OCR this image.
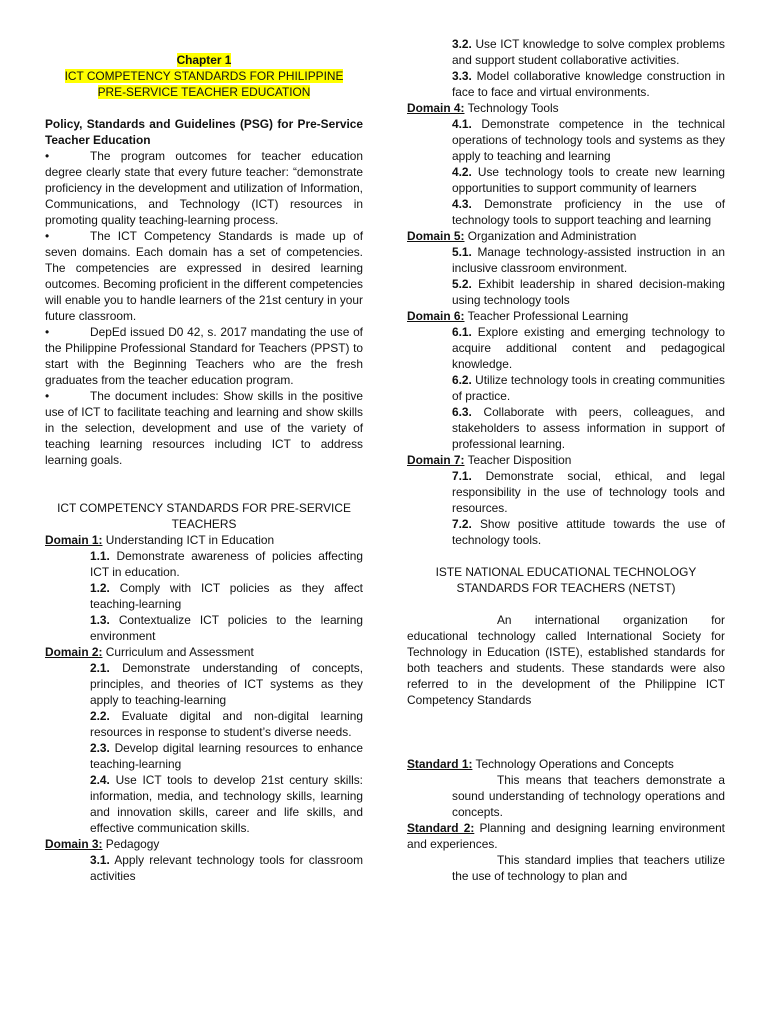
Chapter 1
ICT COMPETENCY STANDARDS FOR PHILIPPINE
PRE-SERVICE TEACHER EDUCATION
Policy, Standards and Guidelines (PSG) for Pre-Service Teacher Education
•	The program outcomes for teacher education degree clearly state that every future teacher: “demonstrate proficiency in the development and utilization of Information, Communications, and Technology (ICT) resources in promoting quality teaching-learning process.
•	The ICT Competency Standards is made up of seven domains. Each domain has a set of competencies. The competencies are expressed in desired learning outcomes. Becoming proficient in the different competencies will enable you to handle learners of the 21st century in your future classroom.
•	DepEd issued D0 42, s. 2017 mandating the use of the Philippine Professional Standard for Teachers (PPST) to start with the Beginning Teachers who are the fresh graduates from the teacher education program.
•	The document includes: Show skills in the positive use of ICT to facilitate teaching and learning and show skills in the selection, development and use of the variety of teaching learning resources including ICT to address learning goals.
ICT COMPETENCY STANDARDS FOR PRE-SERVICE TEACHERS
Domain 1: Understanding ICT in Education
1.1. Demonstrate awareness of policies affecting ICT in education.
1.2. Comply with ICT policies as they affect teaching-learning
1.3. Contextualize ICT policies to the learning environment
Domain 2: Curriculum and Assessment
2.1. Demonstrate understanding of concepts, principles, and theories of ICT systems as they apply to teaching-learning
2.2. Evaluate digital and non-digital learning resources in response to student’s diverse needs.
2.3. Develop digital learning resources to enhance teaching-learning
2.4. Use ICT tools to develop 21st century skills: information, media, and technology skills, learning and innovation skills, career and life skills, and effective communication skills.
Domain 3: Pedagogy
3.1. Apply relevant technology tools for classroom activities
3.2. Use ICT knowledge to solve complex problems and support student collaborative activities.
3.3. Model collaborative knowledge construction in face to face and virtual environments.
Domain 4: Technology Tools
4.1. Demonstrate competence in the technical operations of technology tools and systems as they apply to teaching and learning
4.2. Use technology tools to create new learning opportunities to support community of learners
4.3. Demonstrate proficiency in the use of technology tools to support teaching and learning
Domain 5: Organization and Administration
5.1. Manage technology-assisted instruction in an inclusive classroom environment.
5.2. Exhibit leadership in shared decision-making using technology tools
Domain 6: Teacher Professional Learning
6.1. Explore existing and emerging technology to acquire additional content and pedagogical knowledge.
6.2. Utilize technology tools in creating communities of practice.
6.3. Collaborate with peers, colleagues, and stakeholders to assess information in support of professional learning.
Domain 7: Teacher Disposition
7.1. Demonstrate social, ethical, and legal responsibility in the use of technology tools and resources.
7.2. Show positive attitude towards the use of technology tools.
ISTE NATIONAL EDUCATIONAL TECHNOLOGY STANDARDS FOR TEACHERS (NETST)
An international organization for educational technology called International Society for Technology in Education (ISTE), established standards for both teachers and students. These standards were also referred to in the development of the Philippine ICT Competency Standards
Standard 1: Technology Operations and Concepts
This means that teachers demonstrate a sound understanding of technology operations and concepts.
Standard 2: Planning and designing learning environment and experiences.
This standard implies that teachers utilize the use of technology to plan and
